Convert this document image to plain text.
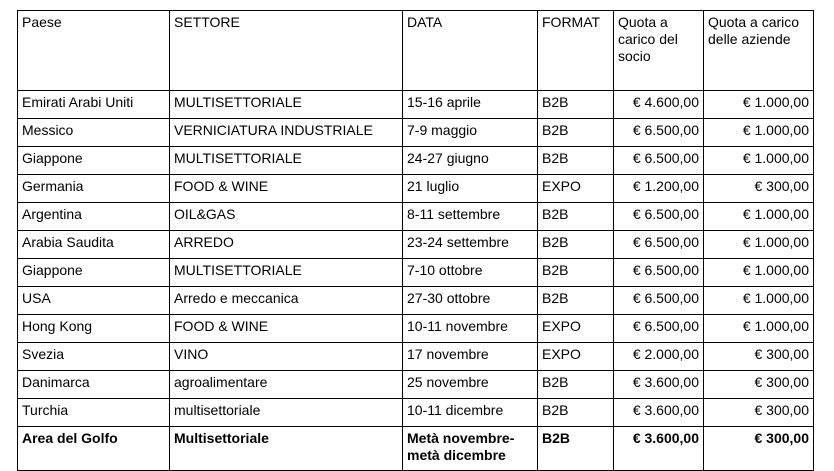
Paese	SETTORE	DATA	FORMAT	Quota a carico del socio	Quota a carico delle aziende
Emirati Arabi Uniti	MULTISETTORIALE	15-16 aprile	B2B	€ 4.600,00	€ 1.000,00
Messico	VERNICIATURA INDUSTRIALE	7-9 maggio	B2B	€ 6.500,00	€ 1.000,00
Giappone	MULTISETTORIALE	24-27 giugno	B2B	€ 6.500,00	€ 1.000,00
Germania	FOOD & WINE	21 luglio	EXPO	€ 1.200,00	€ 300,00
Argentina	OIL&GAS	8-11 settembre	B2B	€ 6.500,00	€ 1.000,00
Arabia Saudita	ARREDO	23-24 settembre	B2B	€ 6.500,00	€ 1.000,00
Giappone	MULTISETTORIALE	7-10 ottobre	B2B	€ 6.500,00	€ 1.000,00
USA	Arredo e meccanica	27-30 ottobre	B2B	€ 6.500,00	€ 1.000,00
Hong Kong	FOOD & WINE	10-11 novembre	EXPO	€ 6.500,00	€ 1.000,00
Svezia	VINO	17 novembre	EXPO	€ 2.000,00	€ 300,00
Danimarca	agroalimentare	25 novembre	B2B	€ 3.600,00	€ 300,00
Turchia	multisettoriale	10-11 dicembre	B2B	€ 3.600,00	€ 300,00
Area del Golfo	Multisettoriale	Metà novembre-metà dicembre	B2B	€ 3.600,00	€ 300,00
